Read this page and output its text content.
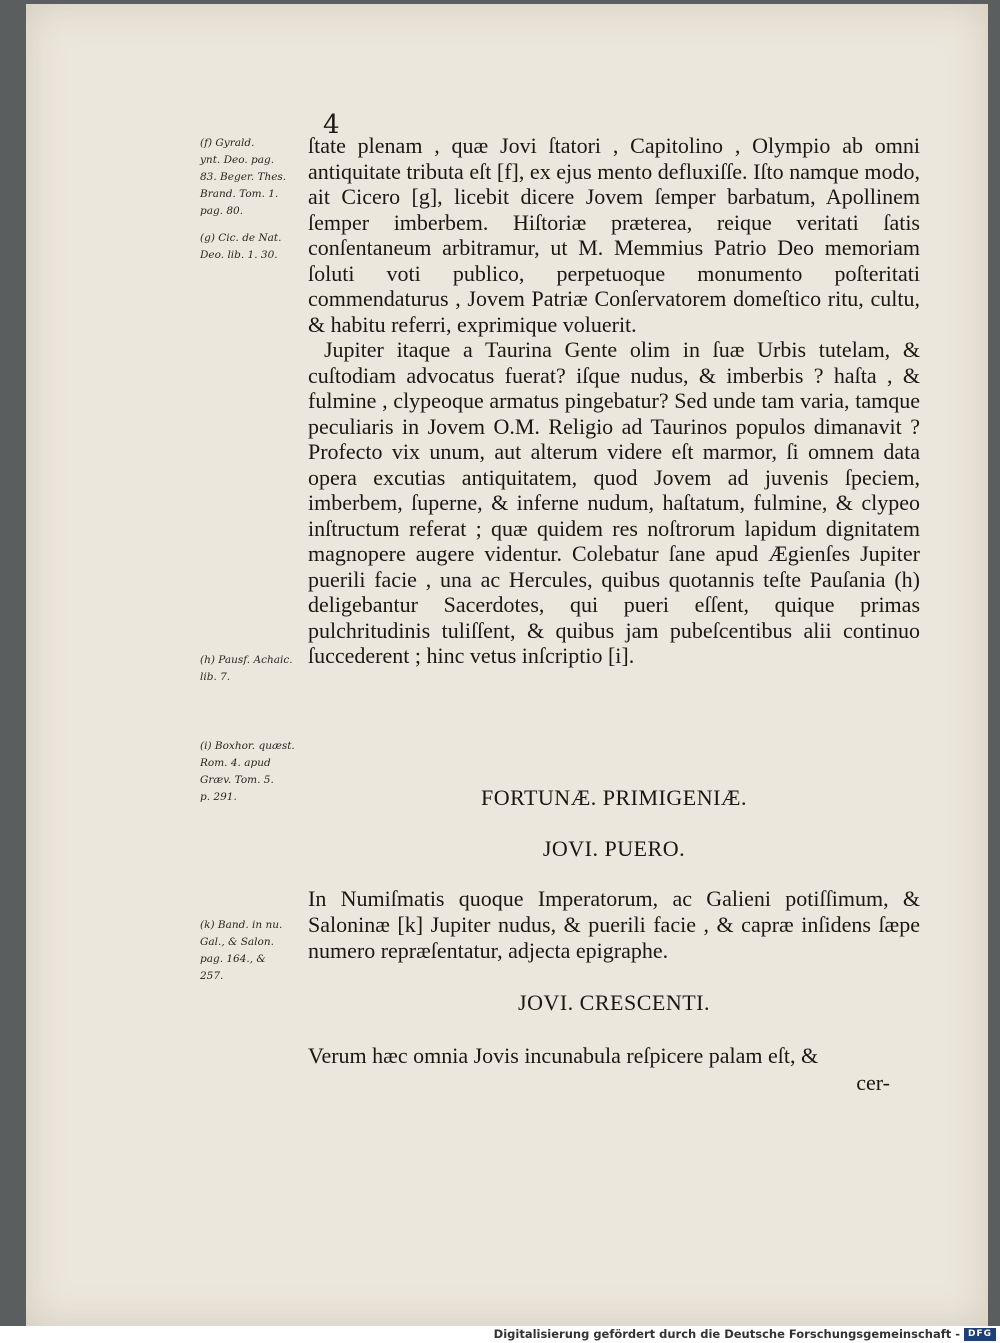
4
(f) Gyrald.
ynt. Deo. pag.
83. Beger. Thes.
Brand. Tom. 1.
pag. 80.
(g) Cic. de Nat.
Deo. lib. 1. 30.
(h) Pausf. Achaic.
lib. 7.
(i) Boxhor. quæst.
Rom. 4. apud
Græv. Tom. 5.
p. 291.
(k) Band. in nu.
Gal., & Salon.
pag. 164., &
257.

ſtate plenam , quæ Jovi ſtatori , Capitolino , Olympio ab omni antiquitate tributa eſt [f], ex ejus mento defluxiſſe. Iſto namque modo, ait Cicero [g], licebit dicere Jovem ſemper barbatum, Apollinem ſemper imberbem. Hiſtoriæ præterea, reique veritati ſatis conſentaneum arbitramur, ut M. Memmius Patrio Deo memoriam ſoluti voti publico, perpetuoque monumento poſteritati commendaturus , Jovem Patriæ Conſervatorem domeſtico ritu, cultu, & habitu referri, exprimique voluerit.

Jupiter itaque a Taurina Gente olim in ſuæ Urbis tutelam, & cuſtodiam advocatus fuerat? iſque nudus, & imberbis ? haſta , & fulmine , clypeoque armatus pingebatur? Sed unde tam varia, tamque peculiaris in Jovem O.M. Religio ad Taurinos populos dimanavit ? Profecto vix unum, aut alterum videre eſt marmor, ſi omnem data opera excutias antiquitatem, quod Jovem ad juvenis ſpeciem, imberbem, ſuperne, & inferne nudum, haſtatum, fulmine, & clypeo inſtructum referat ; quæ quidem res noſtrorum lapidum dignitatem magnopere augere videntur. Colebatur ſane apud Ægienſes Jupiter puerili facie , una ac Hercules, quibus quotannis teſte Pauſania (h) deligebantur Sacerdotes, qui pueri eſſent, quique primas pulchritudinis tuliſſent, & quibus jam pubeſcentibus alii continuo ſuccederent ; hinc vetus inſcriptio [i].

FORTUNÆ. PRIMIGENIÆ.
JOVI. PUERO.
In Numiſmatis quoque Imperatorum, ac Galieni potiſſimum, & Saloninæ [k] Jupiter nudus, & puerili facie , & capræ inſidens ſæpe numero repræſentatur, adjecta epigraphe.
JOVI. CRESCENTI.
Verum hæc omnia Jovis incunabula reſpicere palam eſt, &
cer-
Digitalisierung gefördert durch die Deutsche Forschungsgemeinschaft - DFG
